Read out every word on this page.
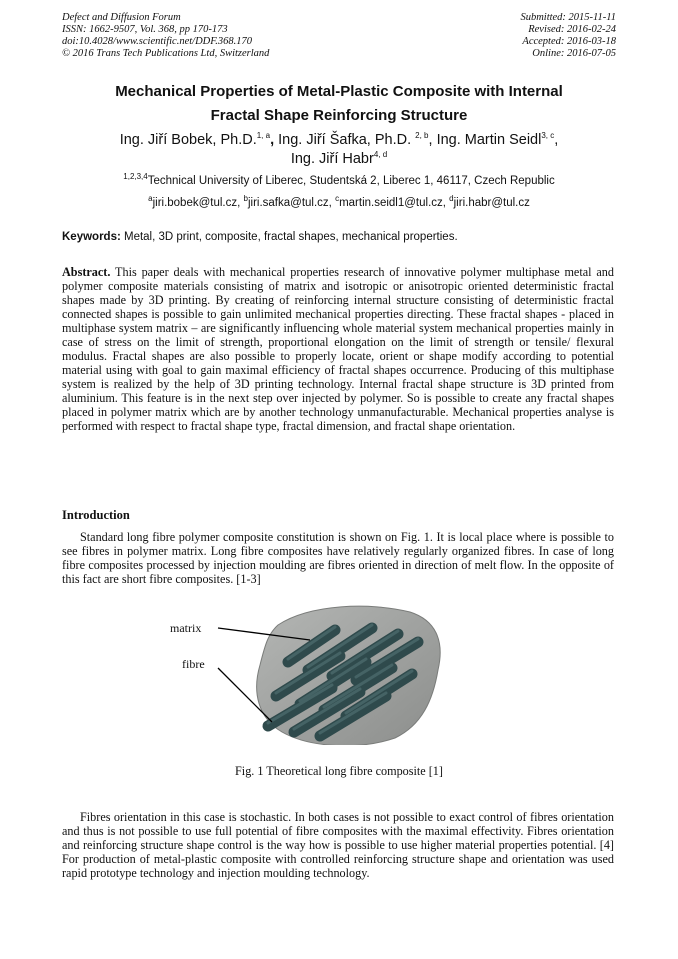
Defect and Diffusion Forum
ISSN: 1662-9507, Vol. 368, pp 170-173
doi:10.4028/www.scientific.net/DDF.368.170
© 2016 Trans Tech Publications Ltd, Switzerland
Submitted: 2015-11-11
Revised: 2016-02-24
Accepted: 2016-03-18
Online: 2016-07-05
Mechanical Properties of Metal-Plastic Composite with Internal
Fractal Shape Reinforcing Structure
Ing. Jiří Bobek, Ph.D.$^{1, a}$, Ing. Jiří Šafka, Ph.D. $^{2, b}$, Ing. Martin Seidl$^{3, c}$,
Ing. Jiří Habr$^{4, d}$
$^{1,2,3,4}$Technical University of Liberec, Studentská 2, Liberec 1, 46117, Czech Republic
$^a$jiri.bobek@tul.cz, $^b$jiri.safka@tul.cz, $^c$martin.seidl1@tul.cz, $^d$jiri.habr@tul.cz
Keywords: Metal, 3D print, composite, fractal shapes, mechanical properties.
Abstract. This paper deals with mechanical properties research of innovative polymer multiphase metal and polymer composite materials consisting of matrix and isotropic or anisotropic oriented deterministic fractal shapes made by 3D printing. By creating of reinforcing internal structure consisting of deterministic fractal connected shapes is possible to gain unlimited mechanical properties directing. These fractal shapes - placed in multiphase system matrix – are significantly influencing whole material system mechanical properties mainly in case of stress on the limit of strength, proportional elongation on the limit of strength or tensile/ flexural modulus. Fractal shapes are also possible to properly locate, orient or shape modify according to potential material using with goal to gain maximal efficiency of fractal shapes occurrence. Producing of this multiphase system is realized by the help of 3D printing technology. Internal fractal shape structure is 3D printed from aluminium. This feature is in the next step over injected by polymer. So is possible to create any fractal shapes placed in polymer matrix which are by another technology unmanufacturable. Mechanical properties analyse is performed with respect to fractal shape type, fractal dimension, and fractal shape orientation.
Introduction
Standard long fibre polymer composite constitution is shown on Fig. 1. It is local place where is possible to see fibres in polymer matrix. Long fibre composites have relatively regularly organized fibres. In case of long fibre composites processed by injection moulding are fibres oriented in direction of melt flow. In the opposite of this fact are short fibre composites. [1-3]
matrix
fibre
Fig. 1 Theoretical long fibre composite [1]
Fibres orientation in this case is stochastic. In both cases is not possible to exact control of fibres orientation and thus is not possible to use full potential of fibre composites with the maximal effectivity. Fibres orientation and reinforcing structure shape control is the way how is possible to use higher material properties potential. [4] For production of metal-plastic composite with controlled reinforcing structure shape and orientation was used rapid prototype technology and injection moulding technology.
